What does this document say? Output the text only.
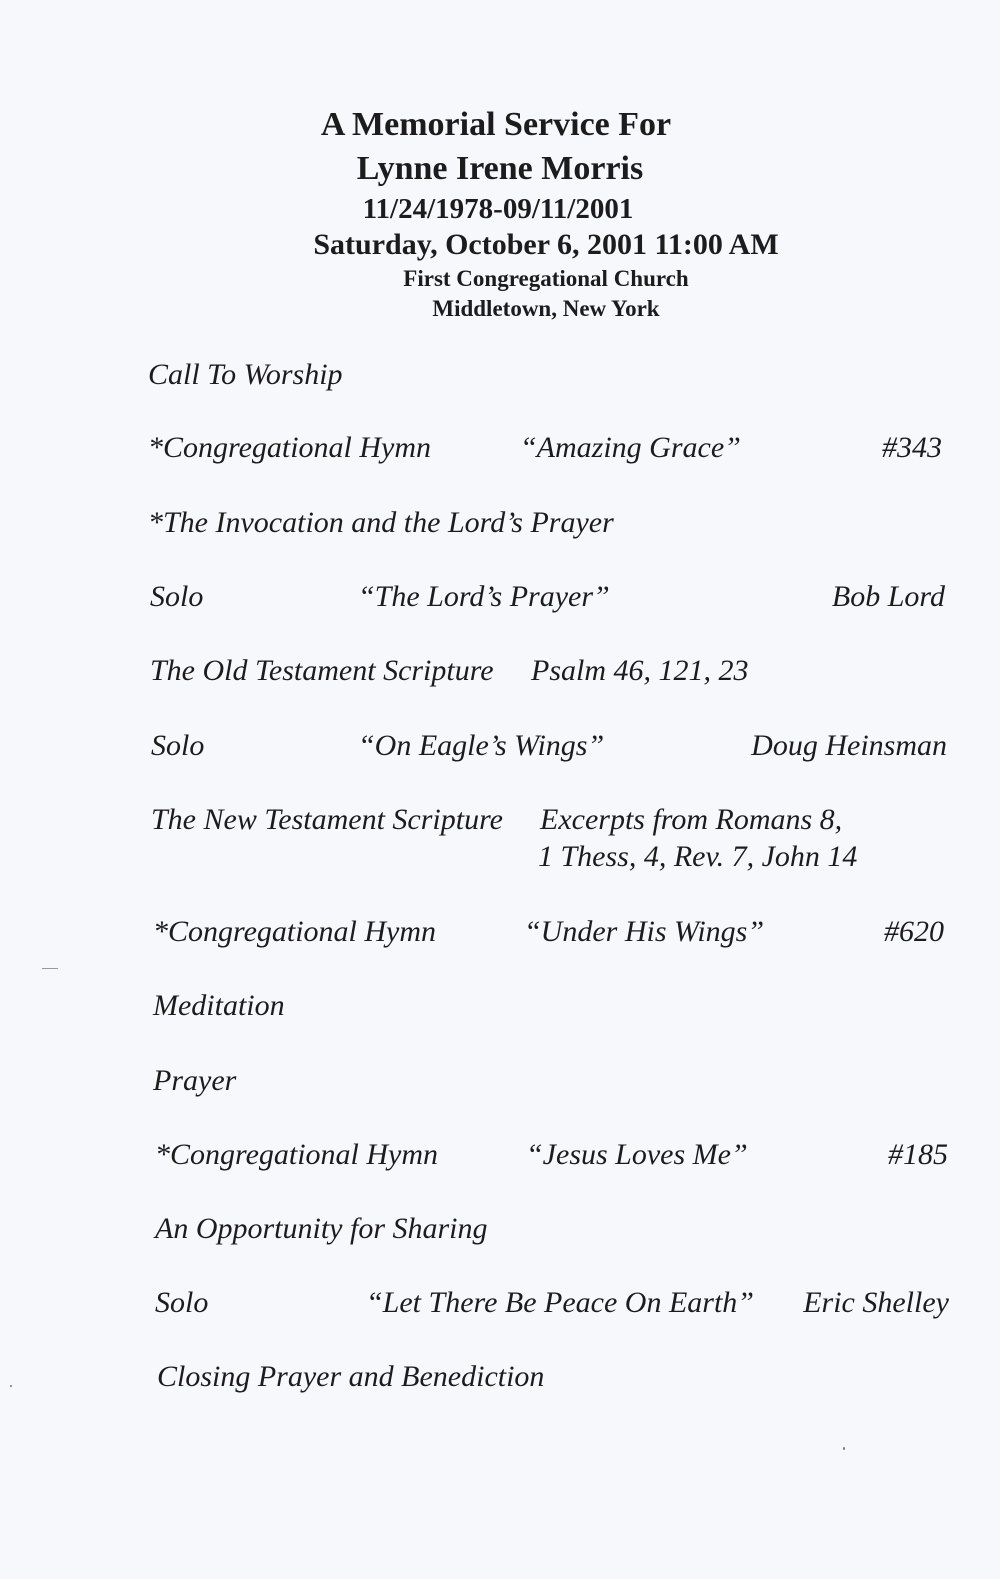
A Memorial Service For
Lynne Irene Morris
11/24/1978-09/11/2001
Saturday, October 6, 2001 11:00 AM
First Congregational Church
Middletown, New York
Call To Worship
*Congregational Hymn	“Amazing Grace”	#343
*The Invocation and the Lord’s Prayer
Solo	“The Lord’s Prayer”	Bob Lord
The Old Testament Scripture Psalm 46, 121, 23
Solo	“On Eagle’s Wings”	Doug Heinsman
The New Testament Scripture Excerpts from Romans 8,
1 Thess, 4, Rev. 7, John 14
*Congregational Hymn	“Under His Wings”	#620
Meditation
Prayer
*Congregational Hymn	“Jesus Loves Me”	#185
An Opportunity for Sharing
Solo	“Let There Be Peace On Earth” Eric Shelley
Closing Prayer and Benediction
